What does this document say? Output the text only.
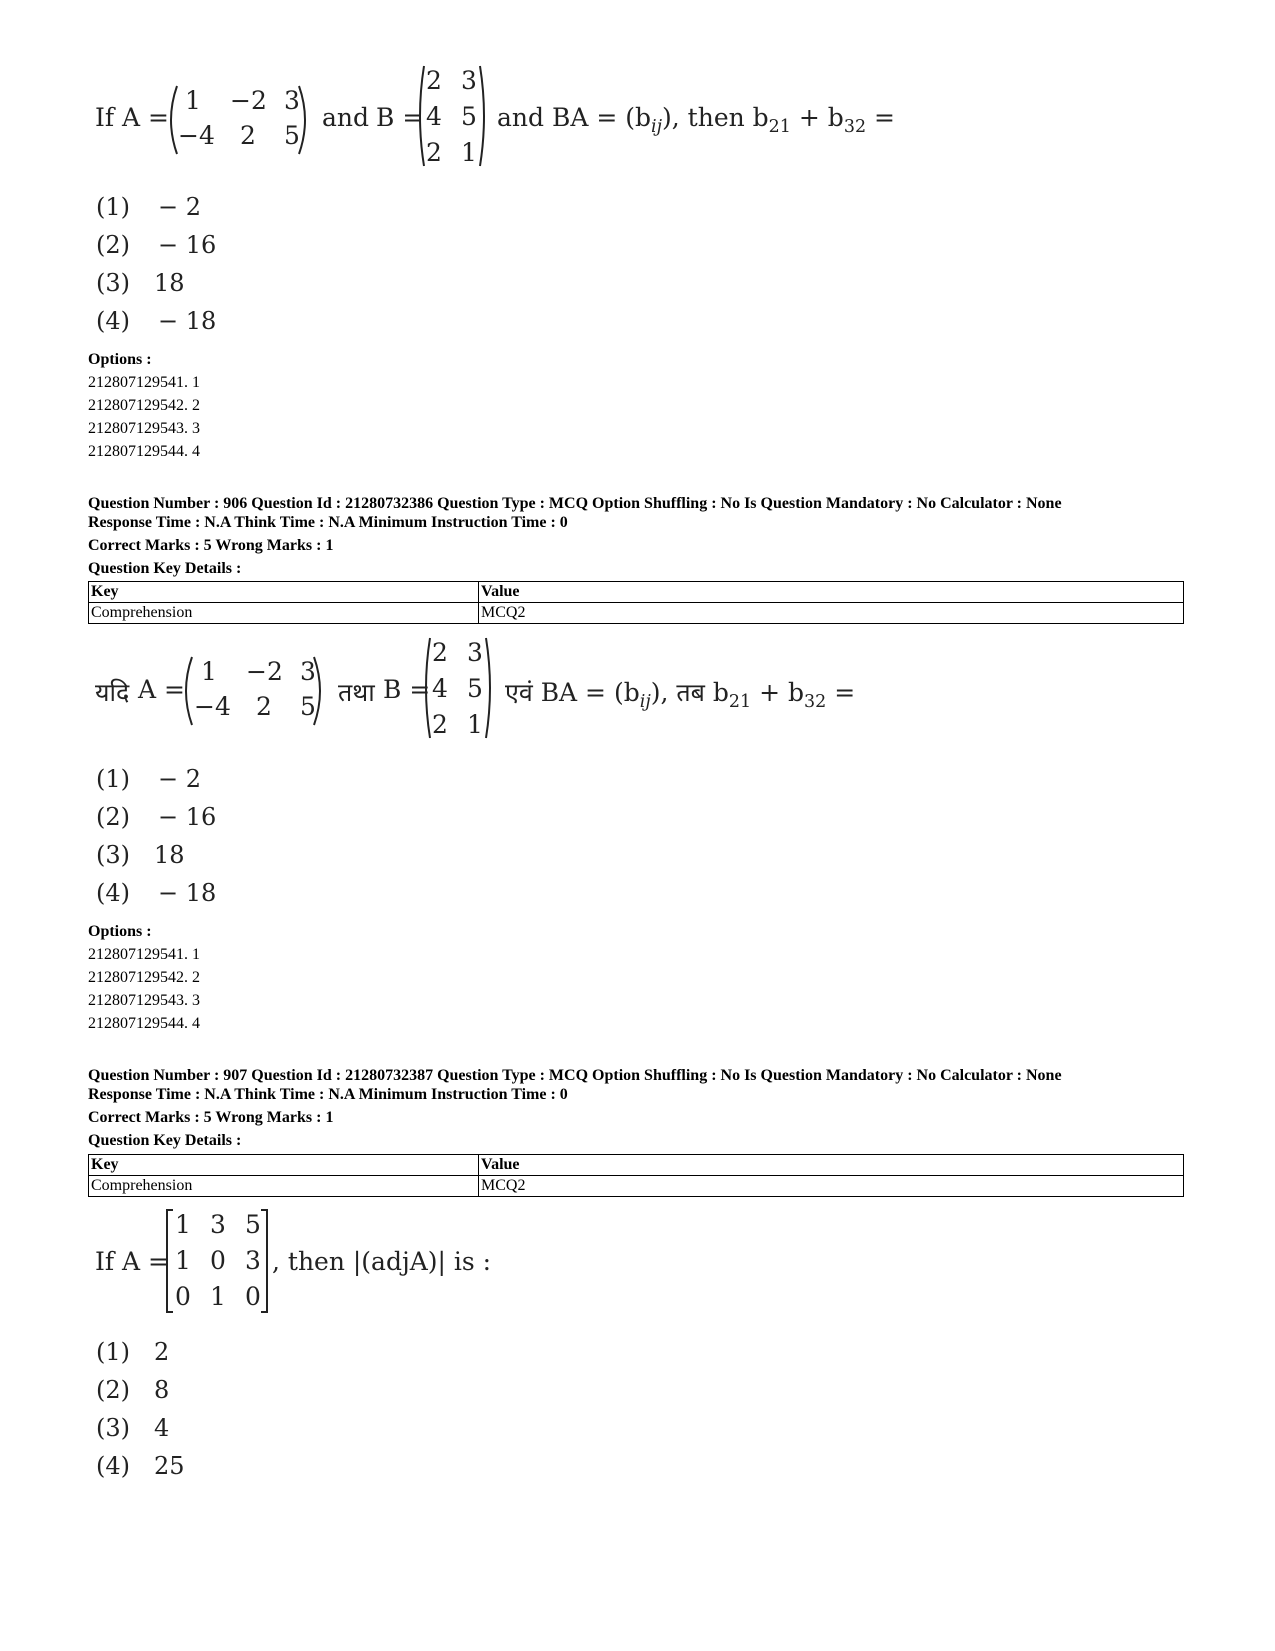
If A =
1 −2 3
−4 2 5
and B =
2 3
4 5
2 1
and BA = $(b_{ij})$, then $b_{21} + b_{32}$ =
(1) − 2
(2) − 16
(3) 18
(4) − 18
Options :
212807129541. 1
212807129542. 2
212807129543. 3
212807129544. 4
Question Number : 906 Question Id : 21280732386 Question Type : MCQ Option Shuffling : No Is Question Mandatory : No Calculator : None
Response Time : N.A Think Time : N.A Minimum Instruction Time : 0
Correct Marks : 5 Wrong Marks : 1
Question Key Details :
Key	Value
Comprehension	MCQ2
यदि A =
1 −2 3
−4 2 5 तथा B =
2 3
4 5
2 1
एवं BA = $(b_{ij})$, तब $b_{21} + b_{32}$ =
(1) − 2
(2) − 16
(3) 18
(4) − 18
Options :
212807129541. 1
212807129542. 2
212807129543. 3
212807129544. 4
Question Number : 907 Question Id : 21280732387 Question Type : MCQ Option Shuffling : No Is Question Mandatory : No Calculator : None
Response Time : N.A Think Time : N.A Minimum Instruction Time : 0
Correct Marks : 5 Wrong Marks : 1
Question Key Details :
Key	Value
Comprehension	MCQ2
If A =
1 3 5
1 0 3
0 1 0
, then |(adjA)| is :
(1) 2
(2) 8
(3) 4
(4) 25
